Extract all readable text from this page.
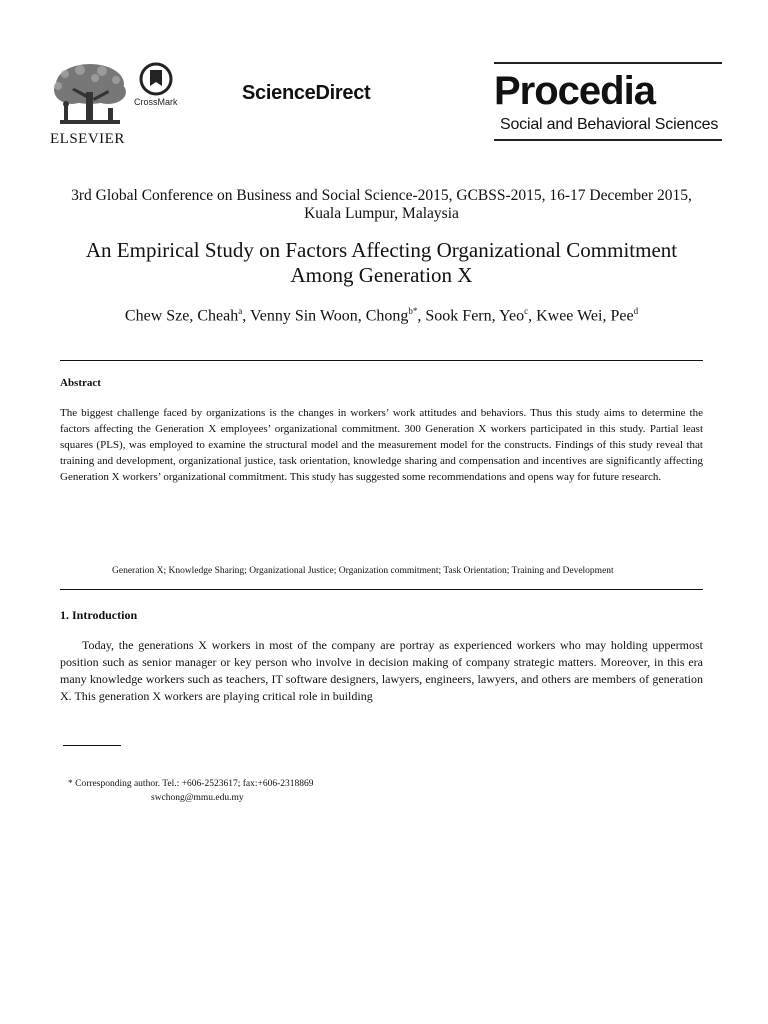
ELSEVIER
CrossMark	ScienceDirect	Procedia
Social and Behavioral Sciences
3rd Global Conference on Business and Social Science-2015, GCBSS-2015, 16-17 December 2015, Kuala Lumpur, Malaysia
An Empirical Study on Factors Affecting Organizational Commitment Among Generation X
Chew Sze, Cheah$^a$, Venny Sin Woon, Chong$^{b*}$, Sook Fern, Yeo$^c$, Kwee Wei, Pee$^d$
Abstract
The biggest challenge faced by organizations is the changes in workers’ work attitudes and behaviors. Thus this study aims to determine the factors affecting the Generation X employees’ organizational commitment. 300 Generation X workers participated in this study. Partial least squares (PLS), was employed to examine the structural model and the measurement model for the constructs. Findings of this study reveal that training and development, organizational justice, task orientation, knowledge sharing and compensation and incentives are significantly affecting Generation X workers’ organizational commitment. This study has suggested some recommendations and opens way for future research.
Generation X; Knowledge Sharing; Organizational Justice; Organization commitment; Task Orientation; Training and Development
1. Introduction
Today, the generations X workers in most of the company are portray as experienced workers who may holding uppermost position such as senior manager or key person who involve in decision making of company strategic matters. Moreover, in this era many knowledge workers such as teachers, IT software designers, lawyers, engineers, lawyers, and others are members of generation X. This generation X workers are playing critical role in building
* Corresponding author. Tel.: +606-2523617; fax:+606-2318869
swchong@mmu.edu.my
